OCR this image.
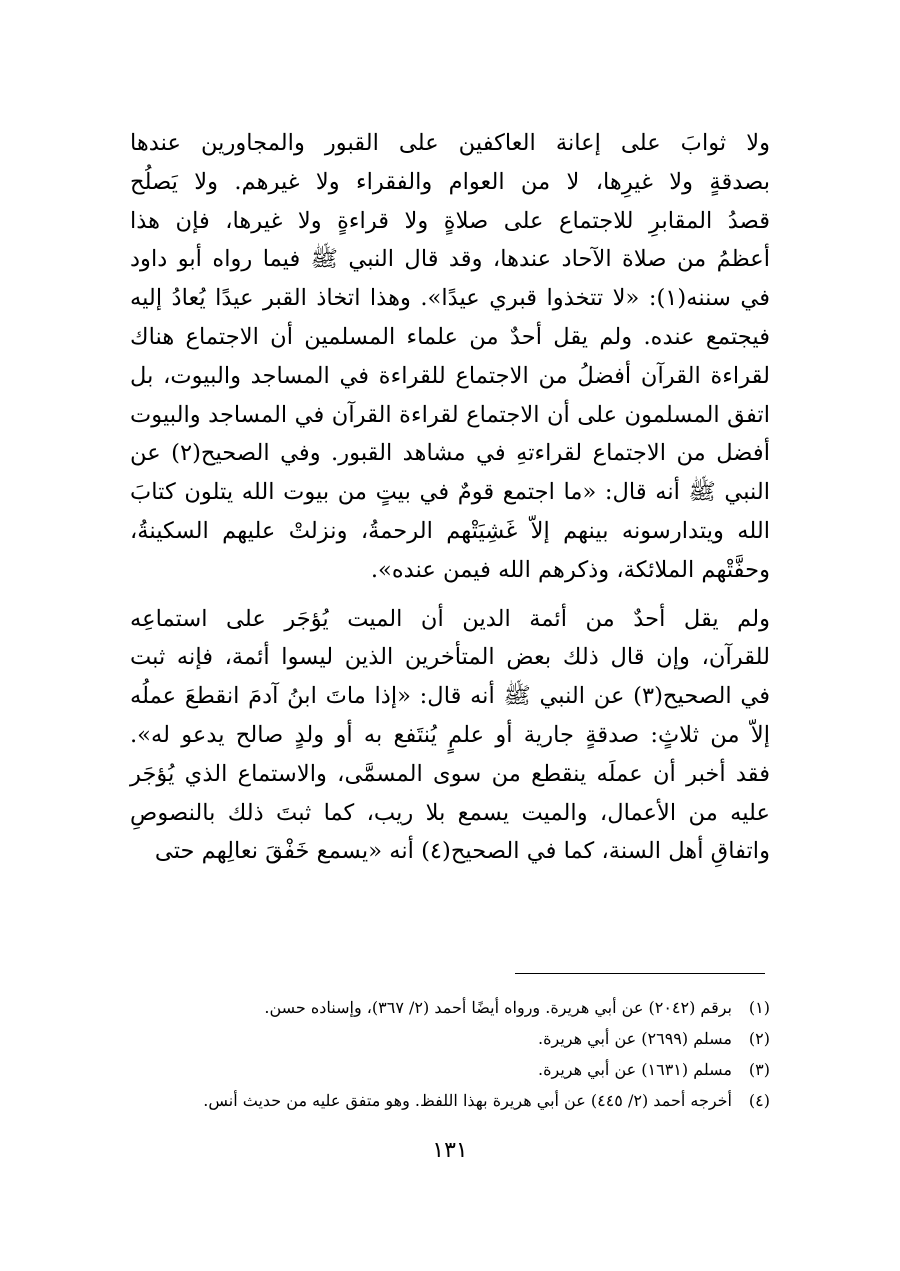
ولا ثوابَ على إعانة العاكفين على القبور والمجاورين عندها
بصدقةٍ ولا غيرِها، لا من العوام والفقراء ولا غيرهم. ولا يَصلُح
قصدُ المقابرِ للاجتماع على صلاةٍ ولا قراءةٍ ولا غيرها، فإن هذا
أعظمُ من صلاة الآحاد عندها، وقد قال النبي ﷺ فيما رواه أبو داود
في سننه(١): «لا تتخذوا قبري عيدًا». وهذا اتخاذ القبر عيدًا يُعادُ إليه
فيجتمع عنده. ولم يقل أحدٌ من علماء المسلمين أن الاجتماع هناك
لقراءة القرآن أفضلُ من الاجتماع للقراءة في المساجد والبيوت، بل
اتفق المسلمون على أن الاجتماع لقراءة القرآن في المساجد والبيوت
أفضل من الاجتماع لقراءتهِ في مشاهد القبور. وفي الصحيح(٢) عن
النبي ﷺ أنه قال: «ما اجتمع قومٌ في بيتٍ من بيوت الله يتلون كتابَ
الله ويتدارسونه بينهم إلاّ غَشِيَتْهم الرحمةُ، ونزلتْ عليهم السكينةُ،
وحفَّتْهم الملائكة، وذكرهم الله فيمن عنده».
ولم يقل أحدٌ من أئمة الدين أن الميت يُؤجَر على استماعِه
للقرآن، وإن قال ذلك بعض المتأخرين الذين ليسوا أئمة، فإنه ثبت
في الصحيح(٣) عن النبي ﷺ أنه قال: «إذا ماتَ ابنُ آدمَ انقطعَ عملُه
إلاّ من ثلاثٍ: صدقةٍ جارية أو علمٍ يُنتَفع به أو ولدٍ صالح يدعو له».
فقد أخبر أن عملَه ينقطع من سوى المسمَّى، والاستماع الذي يُؤجَر
عليه من الأعمال، والميت يسمع بلا ريب، كما ثبتَ ذلك بالنصوصِ
واتفاقِ أهل السنة، كما في الصحيح(٤) أنه «يسمع خَفْقَ نعالِهم حتى
(١)برقم (٢٠٤٢) عن أبي هريرة. ورواه أيضًا أحمد (٢/ ٣٦٧)، وإسناده حسن.
(٢)مسلم (٢٦٩٩) عن أبي هريرة.
(٣)مسلم (١٦٣١) عن أبي هريرة.
(٤)أخرجه أحمد (٢/ ٤٤٥) عن أبي هريرة بهذا اللفظ. وهو متفق عليه من حديث أنس.
١٣١
